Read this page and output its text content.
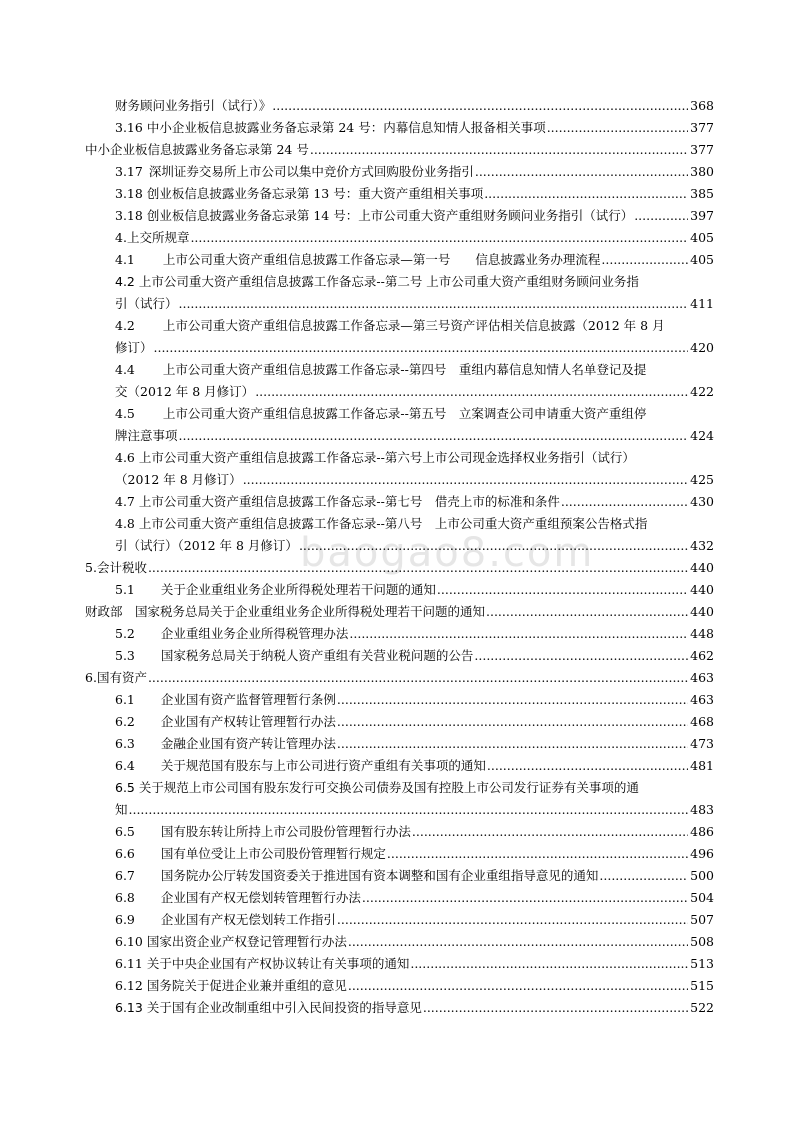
baogao8.com
财务顾问业务指引（试行）》 .....	368
3.16 中小企业板信息披露业务备忘录第 24 号：内幕信息知情人报备相关事项 .....	377
中小企业板信息披露业务备忘录第 24 号 .....	377
3.17 深圳证券交易所上市公司以集中竞价方式回购股份业务指引 .....	380
3.18 创业板信息披露业务备忘录第 13 号：重大资产重组相关事项 .....	385
3.18 创业板信息披露业务备忘录第 14 号：上市公司重大资产重组财务顾问业务指引（试行） .....	397
4. 上交所规章 .....	405
4.1 上市公司重大资产重组信息披露工作备忘录—第一号　　信息披露业务办理流程 .....	405
4.2 上市公司重大资产重组信息披露工作备忘录--第二号 上市公司重大资产重组财务顾问业务指
引（试行） .....	411
4.2 上市公司重大资产重组信息披露工作备忘录—第三号资产评估相关信息披露（2012 年 8 月
修订） .....	420
4.4 上市公司重大资产重组信息披露工作备忘录--第四号　重组内幕信息知情人名单登记及提
交（2012 年 8 月修订） .....	422
4.5 上市公司重大资产重组信息披露工作备忘录--第五号　立案调查公司申请重大资产重组停
牌注意事项 .....	424
4.6 上市公司重大资产重组信息披露工作备忘录--第六号上市公司现金选择权业务指引（试行）
（2012 年 8 月修订） .....	425
4.7 上市公司重大资产重组信息披露工作备忘录--第七号　借壳上市的标准和条件 .....	430
4.8 上市公司重大资产重组信息披露工作备忘录--第八号　上市公司重大资产重组预案公告格式指
引（试行）（2012 年 8 月修订） .....	432
5. 会计税收 .....	440
5.1 关于企业重组业务企业所得税处理若干问题的通知 .....	440
财政部　国家税务总局关于企业重组业务企业所得税处理若干问题的通知 .....	440
5.2 企业重组业务企业所得税管理办法 .....	448
5.3 国家税务总局关于纳税人资产重组有关营业税问题的公告 .....	462
6. 国有资产 .....	463
6.1 企业国有资产监督管理暂行条例 .....	463
6.2 企业国有产权转让管理暂行办法 .....	468
6.3 金融企业国有资产转让管理办法 .....	473
6.4 关于规范国有股东与上市公司进行资产重组有关事项的通知 .....	481
6.5 关于规范上市公司国有股东发行可交换公司债券及国有控股上市公司发行证券有关事项的通
知 .....	483
6.5 国有股东转让所持上市公司股份管理暂行办法 .....	486
6.6 国有单位受让上市公司股份管理暂行规定 .....	496
6.7 国务院办公厅转发国资委关于推进国有资本调整和国有企业重组指导意见的通知 .....	500
6.8 企业国有产权无偿划转管理暂行办法 .....	504
6.9 企业国有产权无偿划转工作指引 .....	507
6.10 国家出资企业产权登记管理暂行办法 .....	508
6.11 关于中央企业国有产权协议转让有关事项的通知 .....	513
6.12 国务院关于促进企业兼并重组的意见 .....	515
6.13 关于国有企业改制重组中引入民间投资的指导意见 .....	522
